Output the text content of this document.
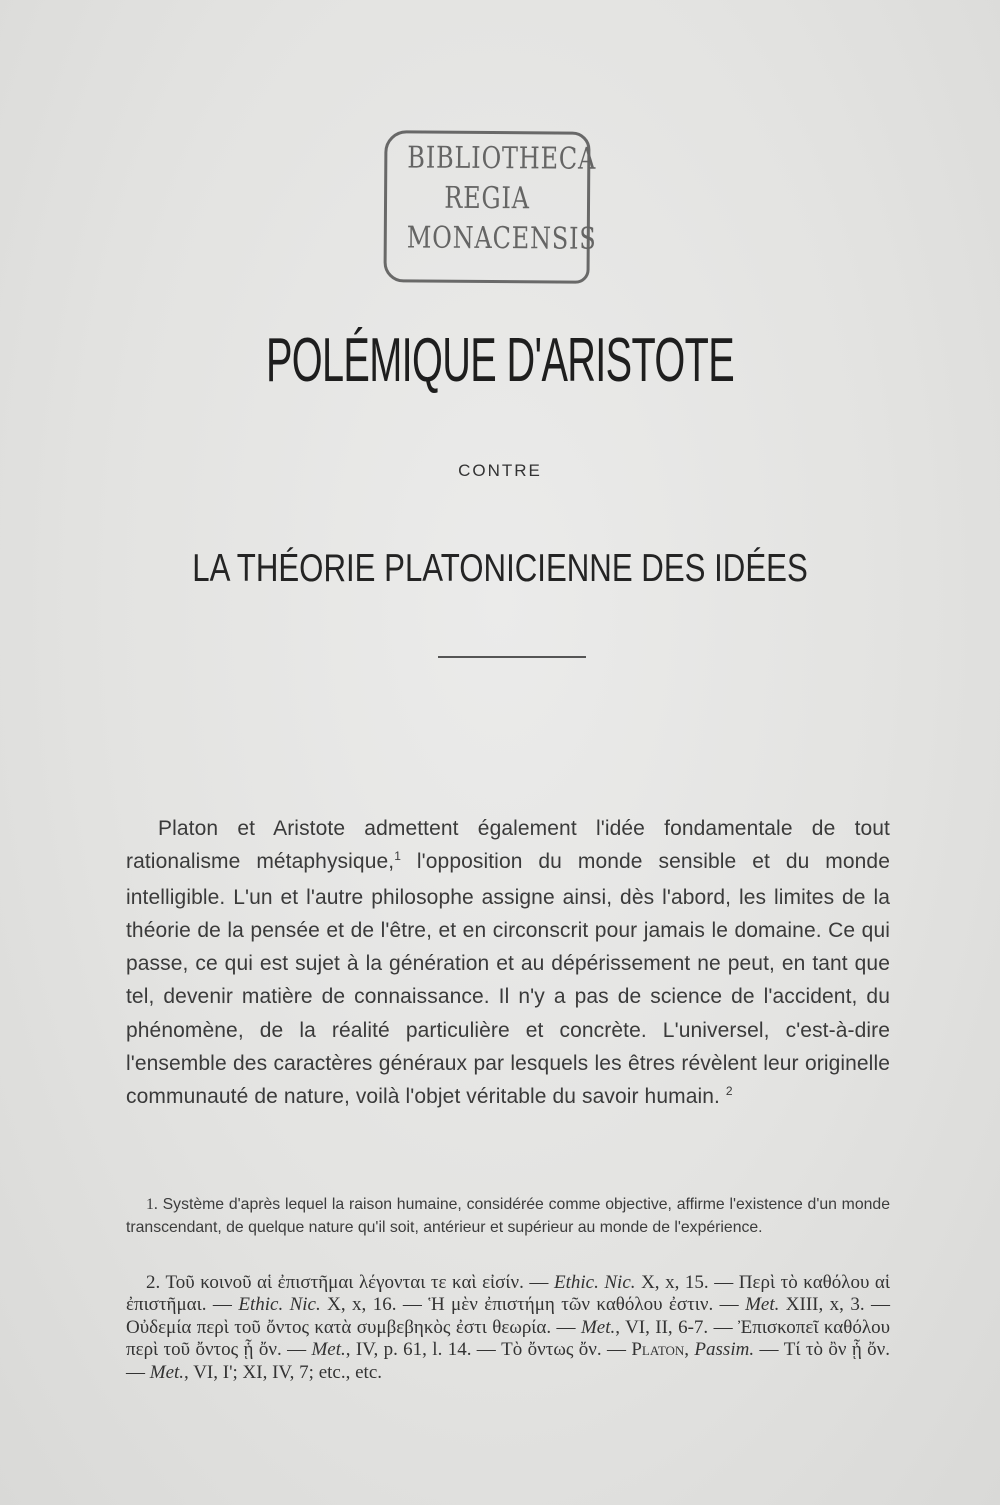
BIBLIOTHECA
REGIA
MONACENSIS
POLÉMIQUE D'ARISTOTE
CONTRE
LA THÉORIE PLATONICIENNE DES IDÉES
Platon et Aristote admettent également l'idée fondamentale de tout rationalisme métaphysique,$^1$ l'opposition du monde sensible et du monde intelligible. L'un et l'autre philosophe assigne ainsi, dès l'abord, les limites de la théorie de la pensée et de l'être, et en circonscrit pour jamais le domaine. Ce qui passe, ce qui est sujet à la génération et au dépérissement ne peut, en tant que tel, devenir matière de connaissance. Il n'y a pas de science de l'accident, du phénomène, de la réalité particulière et concrète. L'universel, c'est-à-dire l'ensemble des caractères généraux par lesquels les êtres révèlent leur originelle communauté de nature, voilà l'objet véritable du savoir humain. $^2$
1. Système d'après lequel la raison humaine, considérée comme objective, affirme l'existence d'un monde transcendant, de quelque nature qu'il soit, antérieur et supérieur au monde de l'expérience.
2. Τοῦ κοινοῦ αἱ ἐπιστῆμαι λέγονται τε καὶ εἰσίν. — Ethic. Nic. X, x, 15. — Περὶ τὸ καθόλου αἱ ἐπιστῆμαι. — Ethic. Nic. X, x, 16. — Ἡ μὲν ἐπιστήμη τῶν καθόλου ἐστιν. — Met. XIII, x, 3. — Οὐδεμία περὶ τοῦ ὄντος κατὰ συμβεβηκὸς ἐστι θεωρία. — Met., VI, II, 6-7. — Ἐπισκοπεῖ καθόλου περὶ τοῦ ὄντος ᾗ ὄν. — Met., IV, p. 61, l. 14. — Τὸ ὄντως ὄν. — Platon, Passim. — Τί τὸ ὂν ᾗ ὄν. — Met., VI, I'; XI, IV, 7; etc., etc.
